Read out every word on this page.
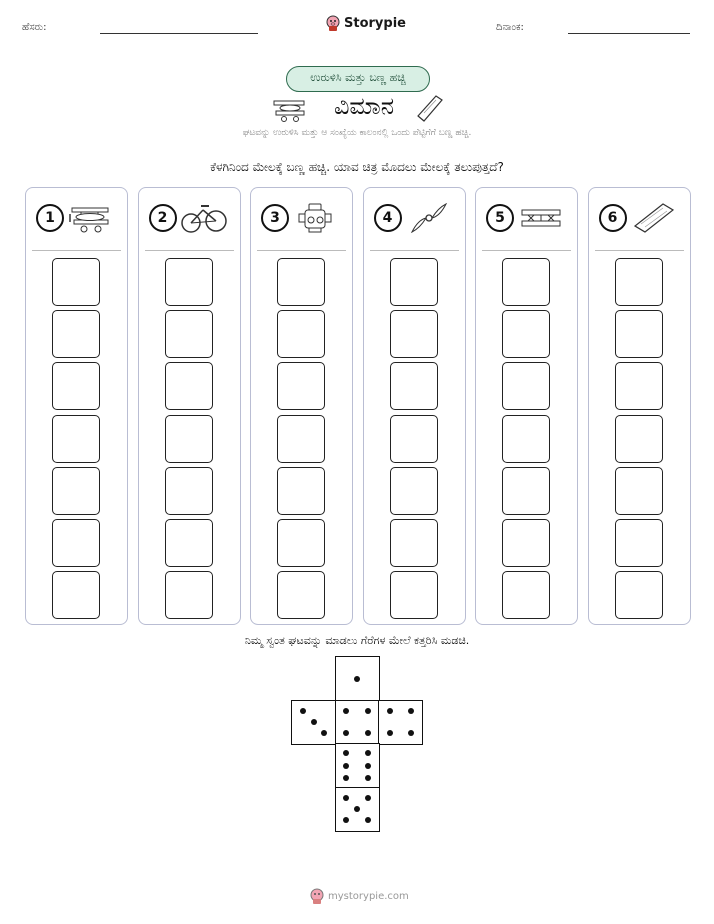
ಹೆಸರು:	Storypie	ದಿನಾಂಕ:
ಉರುಳಿಸಿ ಮತ್ತು ಬಣ್ಣ ಹಚ್ಚಿ
ವಿಮಾನ
ಘಟವನ್ನು ಉರುಳಿಸಿ ಮತ್ತು ಆ ಸಂಖ್ಯೆಯ ಕಾಲಂನಲ್ಲಿ ಒಂದು ಪೆಟ್ಟಿಗೆಗೆ ಬಣ್ಣ ಹಚ್ಚಿ.
ಕೆಳಗಿನಿಂದ ಮೇಲಕ್ಕೆ ಬಣ್ಣ ಹಚ್ಚಿ. ಯಾವ ಚಿತ್ರ ಮೊದಲು ಮೇಲಕ್ಕೆ ತಲುಪುತ್ತದೆ?
1	2	3	4	5	6
ನಿಮ್ಮ ಸ್ವಂತ ಘಟವನ್ನು ಮಾಡಲು ಗೆರೆಗಳ ಮೇಲೆ ಕತ್ತರಿಸಿ ಮಡಚಿ.
mystorypie.com
